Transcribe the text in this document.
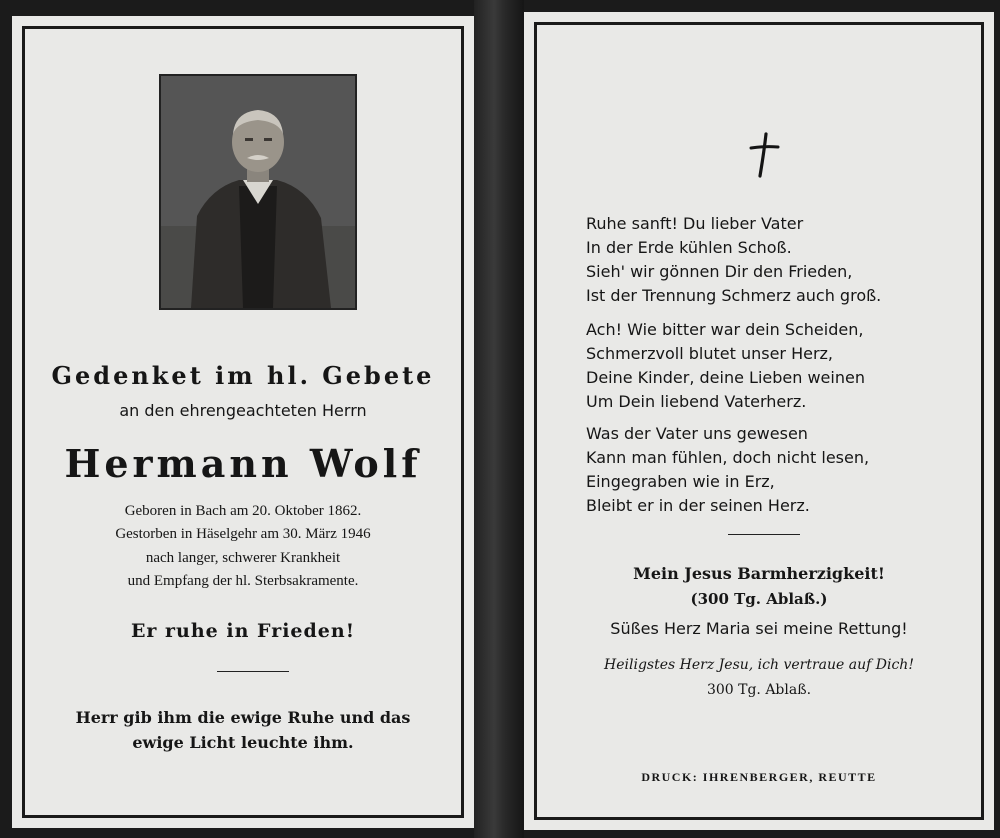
Gedenket im hl. Gebete
an den ehrengeachteten Herrn
Hermann Wolf
Geboren in Bach am 20. Oktober 1862.
Gestorben in Häselgehr am 30. März 1946
nach langer, schwerer Krankheit
und Empfang der hl. Sterbsakramente.
Er ruhe in Frieden!
Herr gib ihm die ewige Ruhe und das
ewige Licht leuchte ihm.
Ruhe sanft! Du lieber Vater
In der Erde kühlen Schoß.
Sieh' wir gönnen Dir den Frieden,
Ist der Trennung Schmerz auch groß.
Ach! Wie bitter war dein Scheiden,
Schmerzvoll blutet unser Herz,
Deine Kinder, deine Lieben weinen
Um Dein liebend Vaterherz.
Was der Vater uns gewesen
Kann man fühlen, doch nicht lesen,
Eingegraben wie in Erz,
Bleibt er in der seinen Herz.
Mein Jesus Barmherzigkeit!
(300 Tg. Ablaß.)
Süßes Herz Maria sei meine Rettung!
Heiligstes Herz Jesu, ich vertraue auf Dich!
300 Tg. Ablaß.
DRUCK: IHRENBERGER, REUTTE
